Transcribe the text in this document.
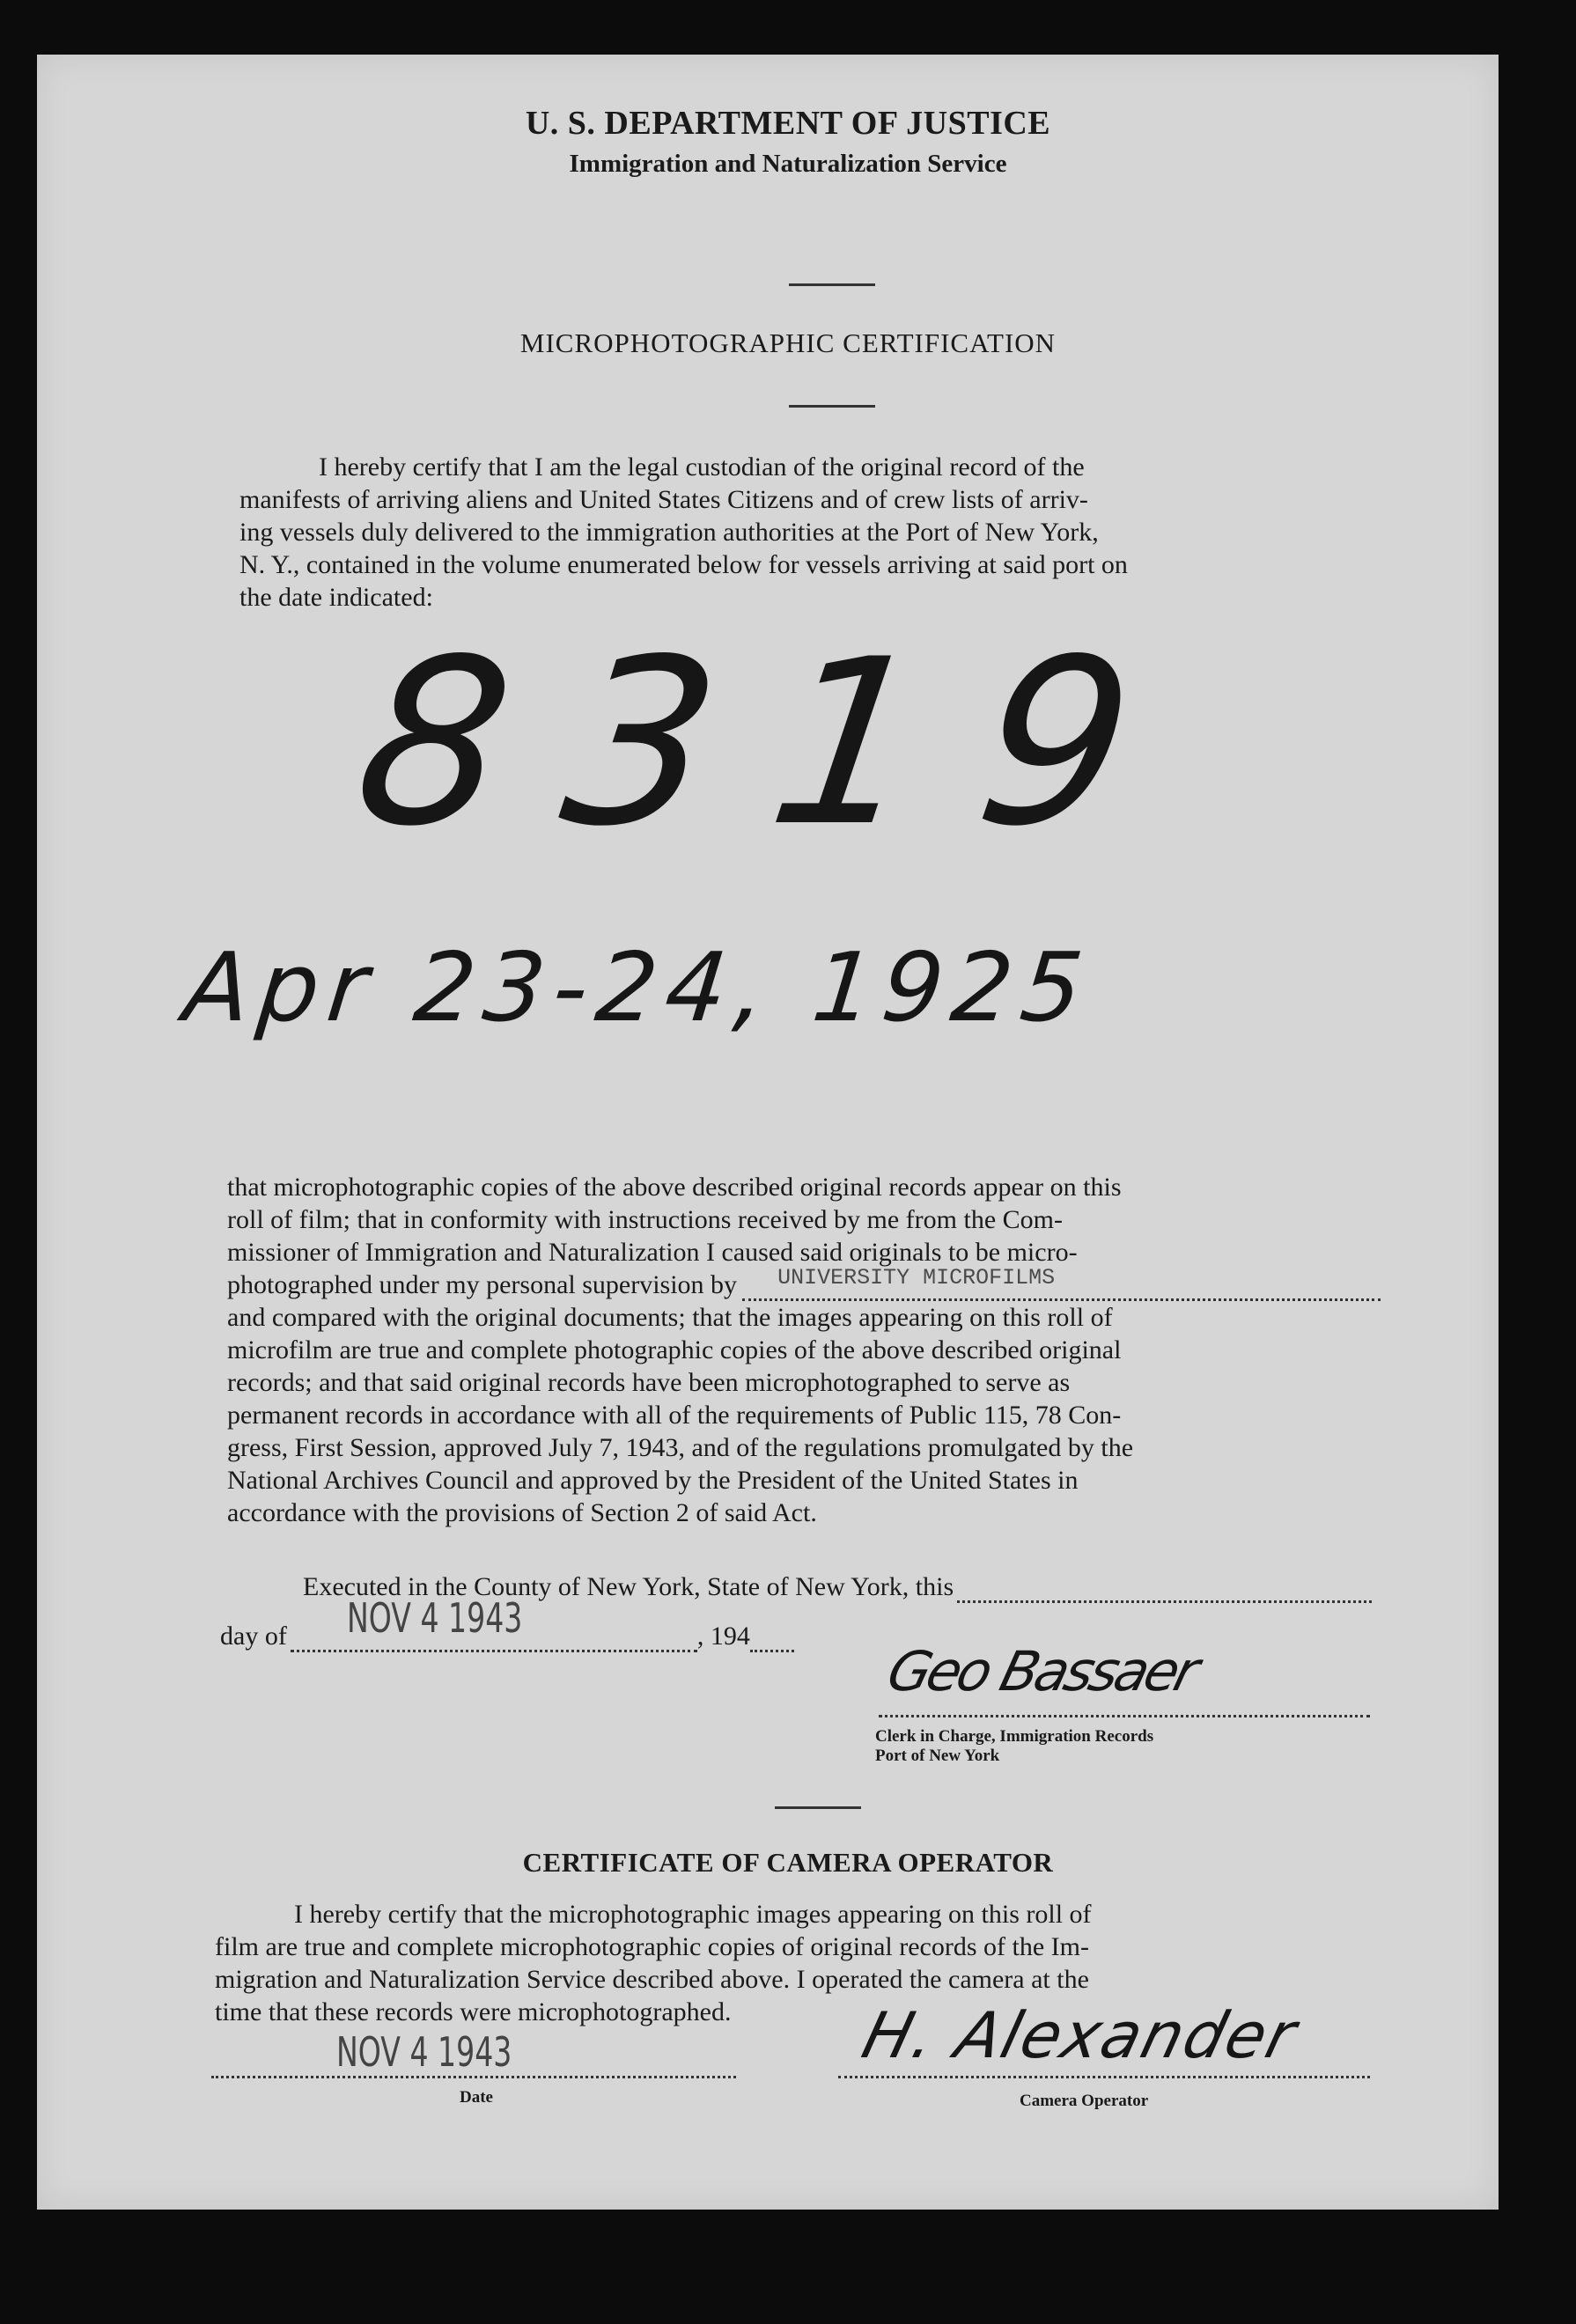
U. S. DEPARTMENT OF JUSTICE
Immigration and Naturalization Service
MICROPHOTOGRAPHIC CERTIFICATION
I hereby certify that I am the legal custodian of the original record of the
manifests of arriving aliens and United States Citizens and of crew lists of arriv-
ing vessels duly delivered to the immigration authorities at the Port of New York,
N. Y., contained in the volume enumerated below for vessels arriving at said port on
the date indicated:
8319
Apr 23-24, 1925
that microphotographic copies of the above described original records appear on this
roll of film; that in conformity with instructions received by me from the Com-
missioner of Immigration and Naturalization I caused said originals to be micro-
photographed under my personal supervision by UNIVERSITY MICROFILMS
and compared with the original documents; that the images appearing on this roll of
microfilm are true and complete photographic copies of the above described original
records; and that said original records have been microphotographed to serve as
permanent records in accordance with all of the requirements of Public 115, 78 Con-
gress, First Session, approved July 7, 1943, and of the regulations promulgated by the
National Archives Council and approved by the President of the United States in
accordance with the provisions of Section 2 of said Act.
Executed in the County of New York, State of New York, this
day of NOV 4 1943	, 194
Geo Bassaer
Clerk in Charge, Immigration Records
Port of New York
CERTIFICATE OF CAMERA OPERATOR
I hereby certify that the microphotographic images appearing on this roll of
film are true and complete microphotographic copies of original records of the Im-
migration and Naturalization Service described above. I operated the camera at the
time that these records were microphotographed.
NOV 4 1943
Date
H. Alexander
Camera Operator
